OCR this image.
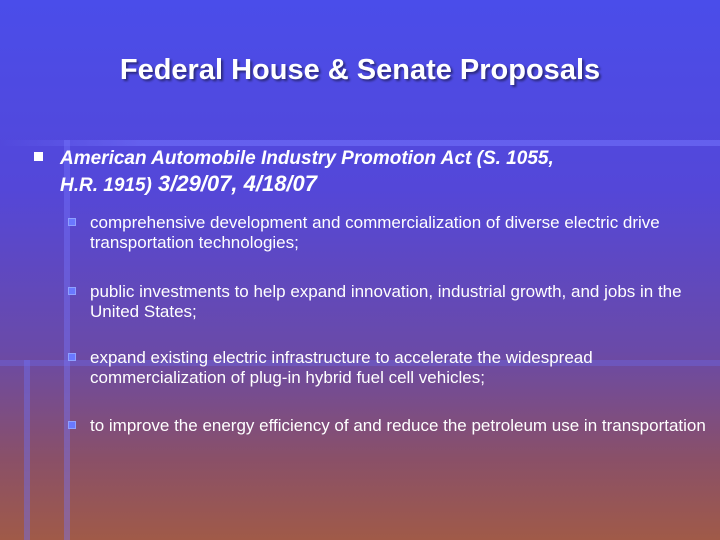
Federal House & Senate Proposals
American Automobile Industry Promotion Act (S. 1055,
H.R. 1915) 3/29/07, 4/18/07
comprehensive development and commercialization of diverse electric drive transportation technologies;
public investments to help expand innovation, industrial growth, and jobs in the United States;
expand existing electric infrastructure to accelerate the widespread commercialization of plug-in hybrid fuel cell vehicles;
to improve the energy efficiency of and reduce the petroleum use in transportation
